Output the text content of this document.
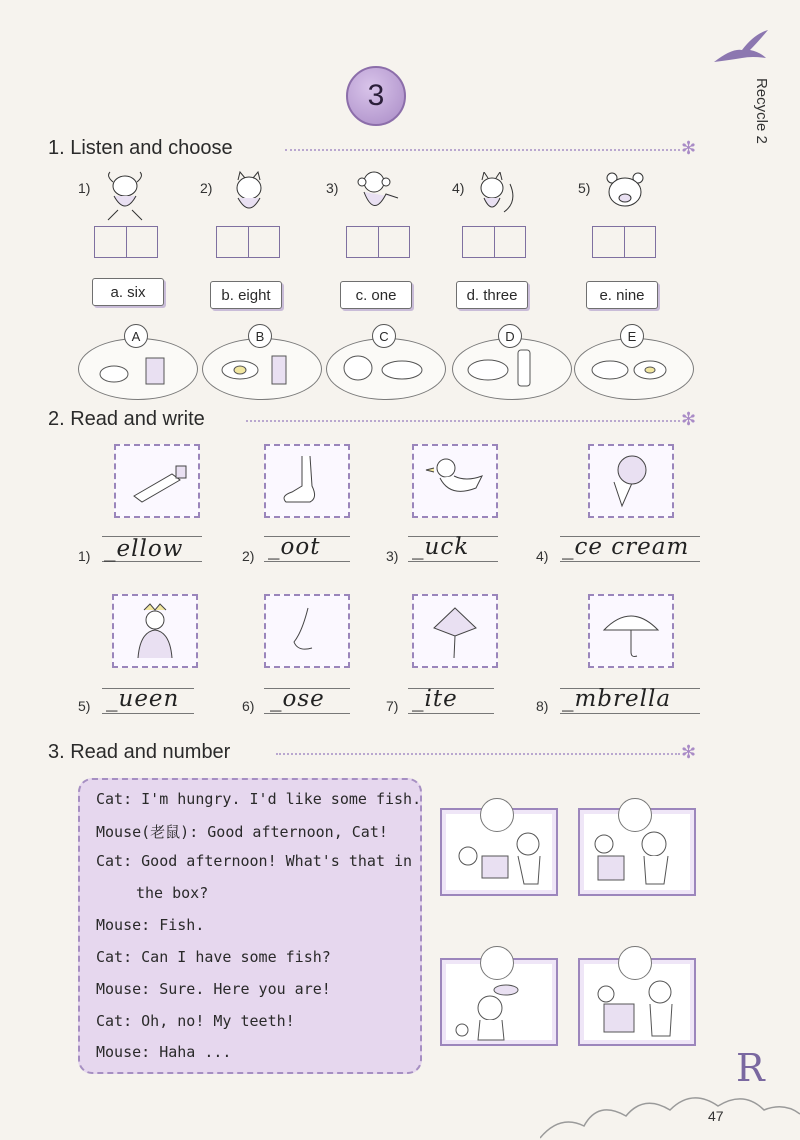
3	Recycle 2
1. Listen and choose	✻
1)	2)	3)	4)	5)
a. six	b. eight	c. one	d. three	e. nine
A	B	C	D	E
2. Read and write	✻
1) _ellow	2) _oot	3) _uck	4) _ce cream
5) _ueen	6) _ose	7) _ite	8) _mbrella
3. Read and number	✻
Cat: I'm hungry. I'd like some fish.
Mouse(老鼠): Good afternoon, Cat!
Cat: Good afternoon! What's that in
the box?
Mouse: Fish.
Cat: Can I have some fish?
Mouse: Sure. Here you are!
Cat: Oh, no! My teeth!
Mouse: Haha ...	R
47
